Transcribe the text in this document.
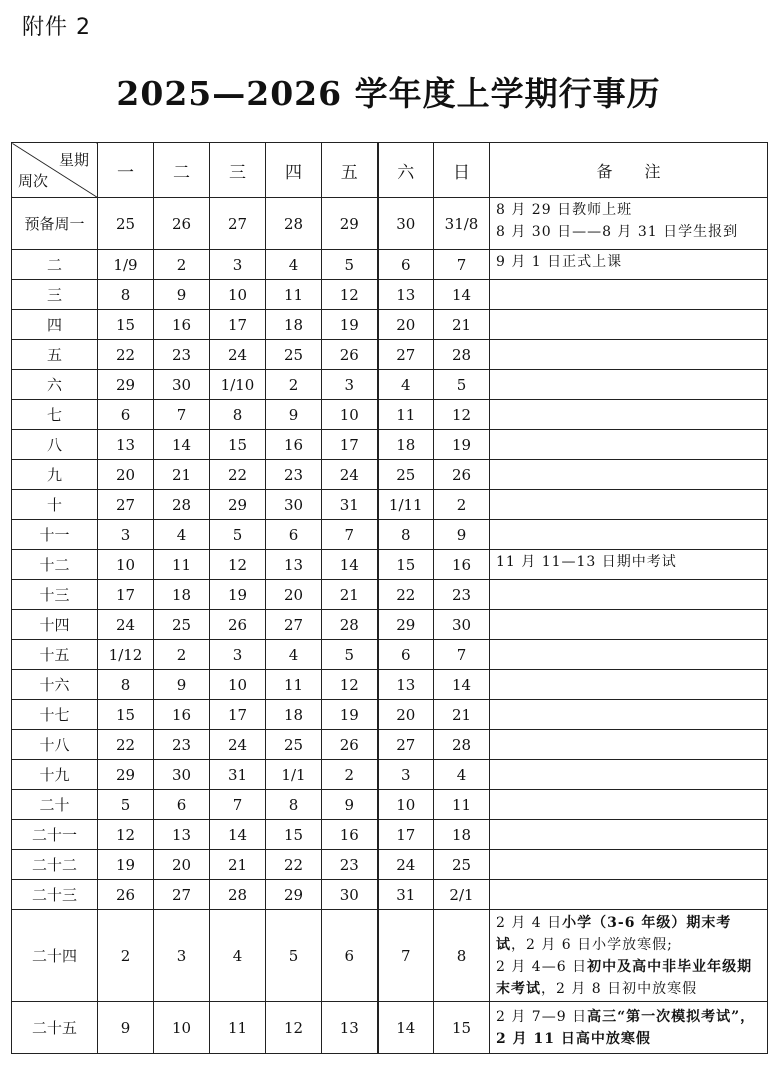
附件 2
2025—2026 学年度上学期行事历
星期
周次	一	二	三	四	五	六	日	备　　注
预备周一	25	26	27	28	29	30	31/8	8 月 29 日教师上班
8 月 30 日——8 月 31 日学生报到
二	1/9	2	3	4	5	6	7	9 月 1 日正式上课
三	8	9	10	11	12	13	14	
四	15	16	17	18	19	20	21	
五	22	23	24	25	26	27	28	
六	29	30	1/10	2	3	4	5	
七	6	7	8	9	10	11	12	
八	13	14	15	16	17	18	19	
九	20	21	22	23	24	25	26	
十	27	28	29	30	31	1/11	2	
十一	3	4	5	6	7	8	9	
十二	10	11	12	13	14	15	16	11 月 11—13 日期中考试
十三	17	18	19	20	21	22	23	
十四	24	25	26	27	28	29	30	
十五	1/12	2	3	4	5	6	7	
十六	8	9	10	11	12	13	14	
十七	15	16	17	18	19	20	21	
十八	22	23	24	25	26	27	28	
十九	29	30	31	1/1	2	3	4	
二十	5	6	7	8	9	10	11	
二十一	12	13	14	15	16	17	18	
二十二	19	20	21	22	23	24	25	
二十三	26	27	28	29	30	31	2/1	
二十四	2	3	4	5	6	7	8	2 月 4 日小学（3-6 年级）期末考试，2 月 6 日小学放寒假;
2 月 4—6 日初中及高中非毕业年级期末考试，2 月 8 日初中放寒假
二十五	9	10	11	12	13	14	15	2 月 7—9 日高三“第一次模拟考试”，2 月 11 日高中放寒假
